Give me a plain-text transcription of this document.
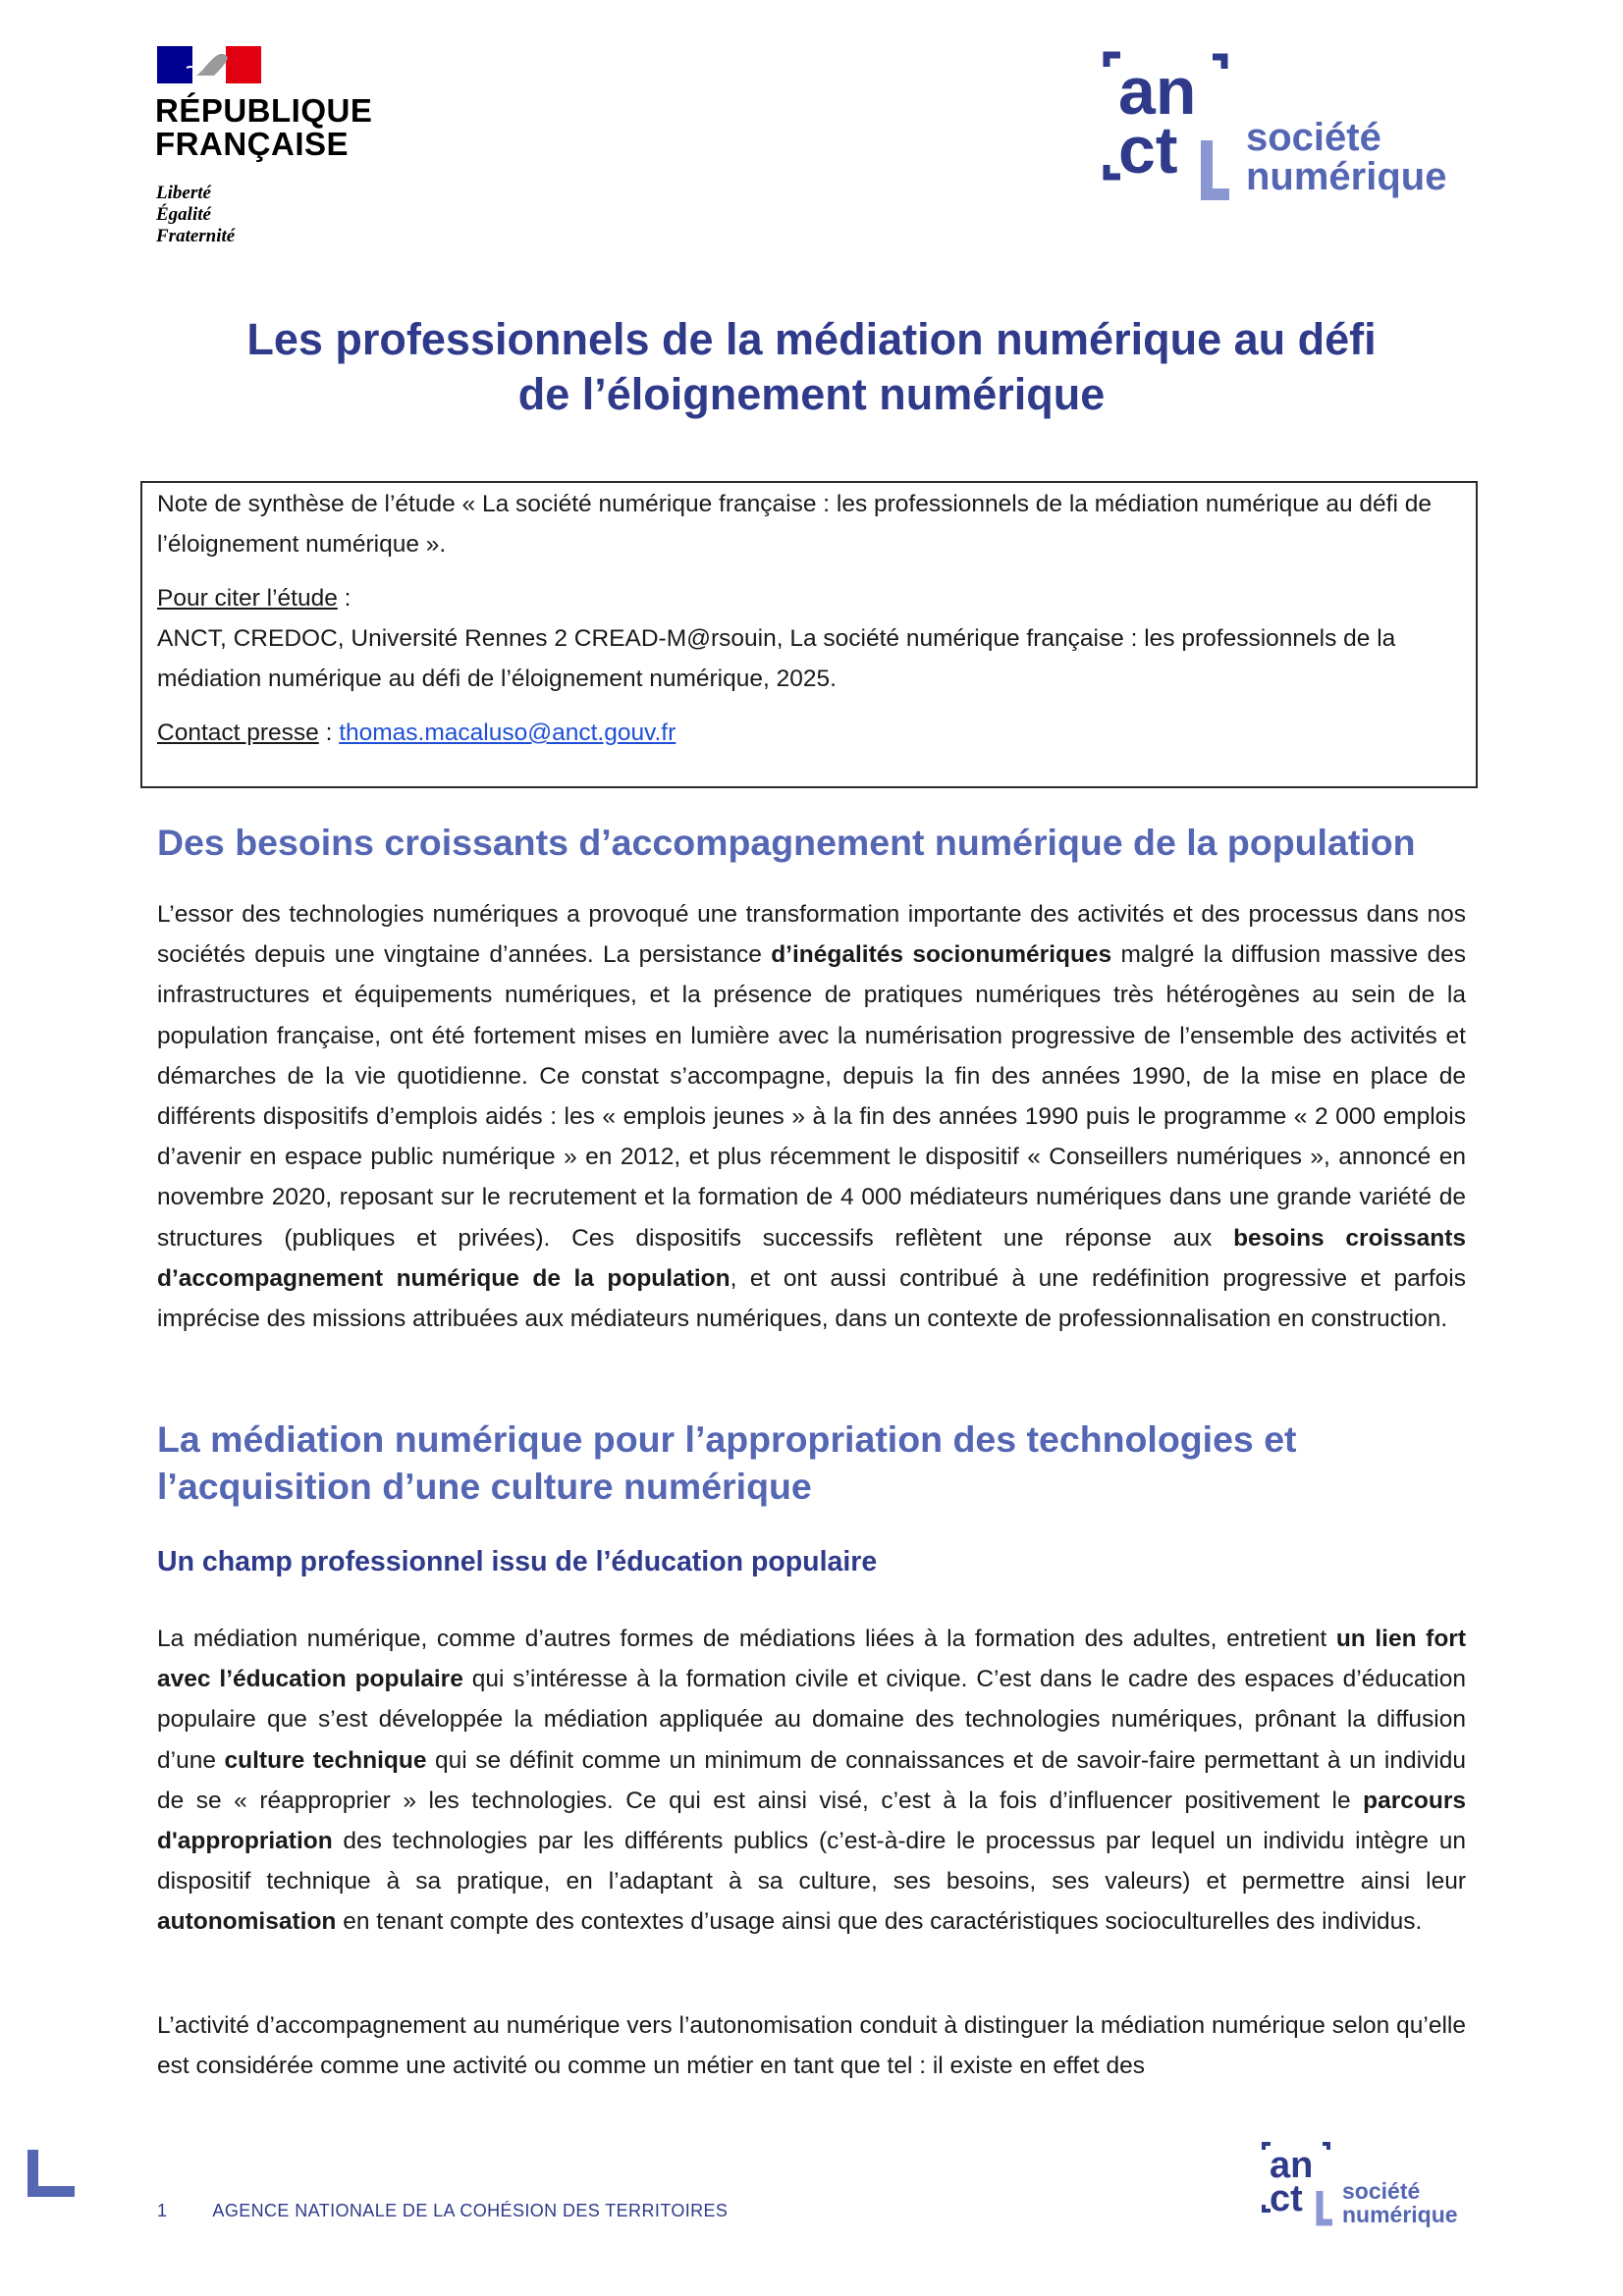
RÉPUBLIQUE
FRANÇAISE
Liberté
Égalité
Fraternité
an
ct société
numérique
Les professionnels de la médiation numérique au défi
de l’éloignement numérique

Note de synthèse de l’étude « La société numérique française : les professionnels de la médiation numérique au défi de l’éloignement numérique ».

Pour citer l’étude :

ANCT, CREDOC, Université Rennes 2 CREAD-M@rsouin, La société numérique française : les professionnels de la médiation numérique au défi de l’éloignement numérique, 2025.

Contact presse : thomas.macaluso@anct.gouv.fr

Des besoins croissants d’accompagnement numérique de la population

L’essor des technologies numériques a provoqué une transformation importante des activités et des processus dans nos sociétés depuis une vingtaine d’années. La persistance d’inégalités socionumériques malgré la diffusion massive des infrastructures et équipements numériques, et la présence de pratiques numériques très hétérogènes au sein de la population française, ont été fortement mises en lumière avec la numérisation progressive de l’ensemble des activités et démarches de la vie quotidienne. Ce constat s’accompagne, depuis la fin des années 1990, de la mise en place de différents dispositifs d’emplois aidés : les « emplois jeunes » à la fin des années 1990 puis le programme « 2 000 emplois d’avenir en espace public numérique » en 2012, et plus récemment le dispositif « Conseillers numériques », annoncé en novembre 2020, reposant sur le recrutement et la formation de 4 000 médiateurs numériques dans une grande variété de structures (publiques et privées). Ces dispositifs successifs reflètent une réponse aux besoins croissants d’accompagnement numérique de la population, et ont aussi contribué à une redéfinition progressive et parfois imprécise des missions attribuées aux médiateurs numériques, dans un contexte de professionnalisation en construction.

La médiation numérique pour l’appropriation des technologies et
l’acquisition d’une culture numérique
Un champ professionnel issu de l’éducation populaire

La médiation numérique, comme d’autres formes de médiations liées à la formation des adultes, entretient un lien fort avec l’éducation populaire qui s’intéresse à la formation civile et civique. C’est dans le cadre des espaces d’éducation populaire que s’est développée la médiation appliquée au domaine des technologies numériques, prônant la diffusion d’une culture technique qui se définit comme un minimum de connaissances et de savoir-faire permettant à un individu de se « réapproprier » les technologies. Ce qui est ainsi visé, c’est à la fois d’influencer positivement le parcours d'appropriation des technologies par les différents publics (c’est-à-dire le processus par lequel un individu intègre un dispositif technique à sa pratique, en l’adaptant à sa culture, ses besoins, ses valeurs) et permettre ainsi leur autonomisation en tenant compte des contextes d’usage ainsi que des caractéristiques socioculturelles des individus.

L’activité d’accompagnement au numérique vers l’autonomisation conduit à distinguer la médiation numérique selon qu’elle est considérée comme une activité ou comme un métier en tant que tel : il existe en effet des

an
ct société
numérique
1	AGENCE NATIONALE DE LA COHÉSION DES TERRITOIRES
